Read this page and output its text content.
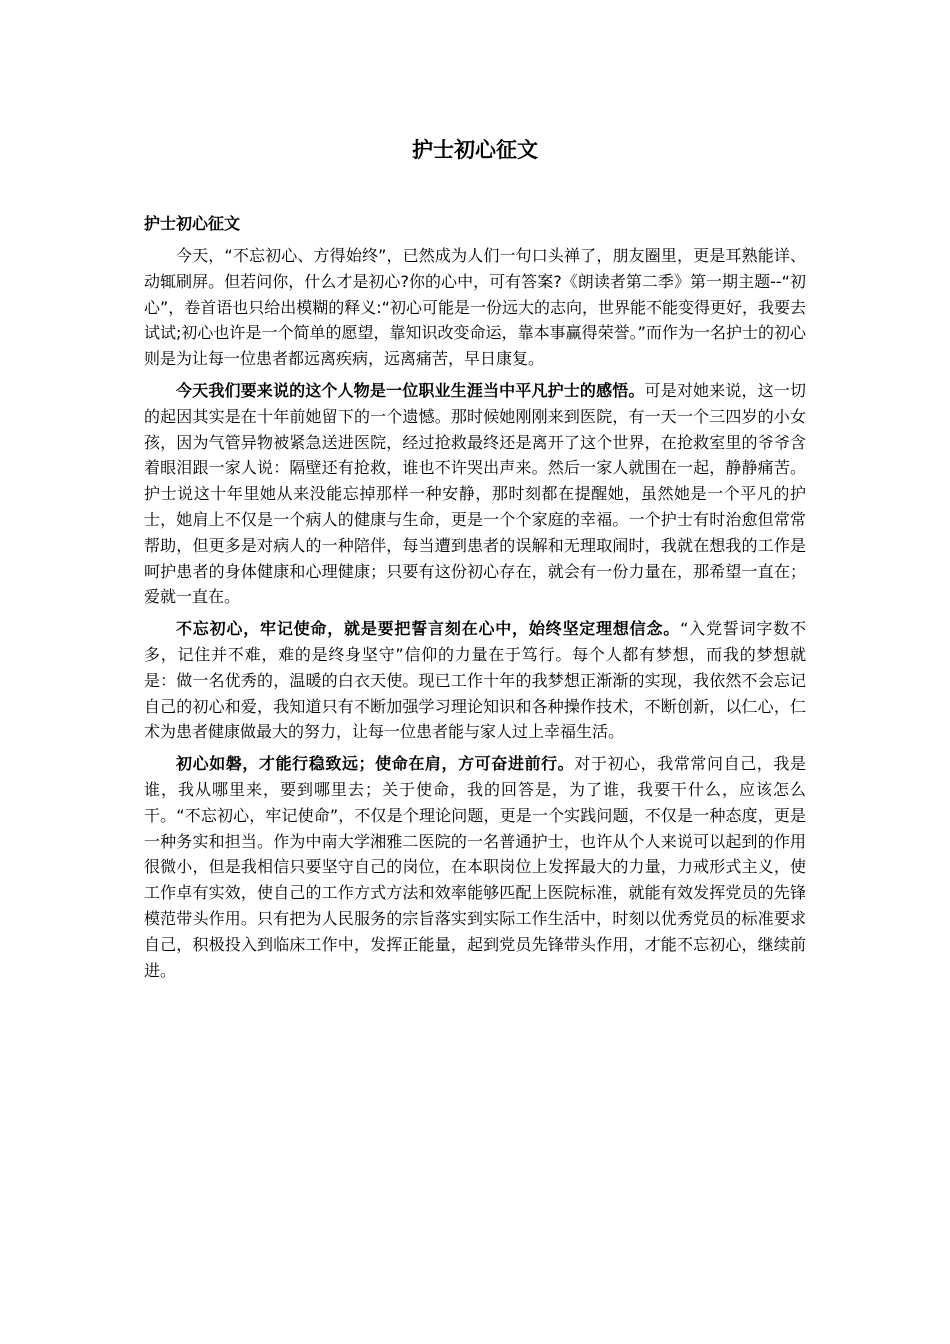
护士初心征文
护士初心征文

今天，“不忘初心、方得始终”，已然成为人们一句口头禅了，朋友圈里，更是耳熟能详、动辄刷屏。但若问你，什么才是初心?你的心中，可有答案?《朗读者第二季》第一期主题--“初心”，卷首语也只给出模糊的释义:“初心可能是一份远大的志向，世界能不能变得更好，我要去试试;初心也许是一个简单的愿望，靠知识改变命运，靠本事赢得荣誉。”而作为一名护士的初心则是为让每一位患者都远离疾病，远离痛苦，早日康复。

今天我们要来说的这个人物是一位职业生涯当中平凡护士的感悟。可是对她来说，这一切的起因其实是在十年前她留下的一个遗憾。那时候她刚刚来到医院，有一天一个三四岁的小女孩，因为气管异物被紧急送进医院，经过抢救最终还是离开了这个世界，在抢救室里的爷爷含着眼泪跟一家人说：隔壁还有抢救，谁也不许哭出声来。然后一家人就围在一起，静静痛苦。护士说这十年里她从来没能忘掉那样一种安静，那时刻都在提醒她，虽然她是一个平凡的护士，她肩上不仅是一个病人的健康与生命，更是一个个家庭的幸福。一个护士有时治愈但常常帮助，但更多是对病人的一种陪伴，每当遭到患者的误解和无理取闹时，我就在想我的工作是呵护患者的身体健康和心理健康；只要有这份初心存在，就会有一份力量在，那希望一直在；爱就一直在。

不忘初心，牢记使命，就是要把誓言刻在心中，始终坚定理想信念。“入党誓词字数不多，记住并不难，难的是终身坚守”信仰的力量在于笃行。每个人都有梦想，而我的梦想就是：做一名优秀的，温暖的白衣天使。现已工作十年的我梦想正渐渐的实现，我依然不会忘记自己的初心和爱，我知道只有不断加强学习理论知识和各种操作技术，不断创新，以仁心，仁术为患者健康做最大的努力，让每一位患者能与家人过上幸福生活。

初心如磐，才能行稳致远；使命在肩，方可奋进前行。对于初心，我常常问自己，我是谁，我从哪里来，要到哪里去；关于使命，我的回答是，为了谁，我要干什么，应该怎么干。“不忘初心，牢记使命”，不仅是个理论问题，更是一个实践问题，不仅是一种态度，更是一种务实和担当。作为中南大学湘雅二医院的一名普通护士，也许从个人来说可以起到的作用很微小，但是我相信只要坚守自己的岗位，在本职岗位上发挥最大的力量，力戒形式主义，使工作卓有实效，使自己的工作方式方法和效率能够匹配上医院标准，就能有效发挥党员的先锋模范带头作用。只有把为人民服务的宗旨落实到实际工作生活中，时刻以优秀党员的标准要求自己，积极投入到临床工作中，发挥正能量，起到党员先锋带头作用，才能不忘初心，继续前进。
